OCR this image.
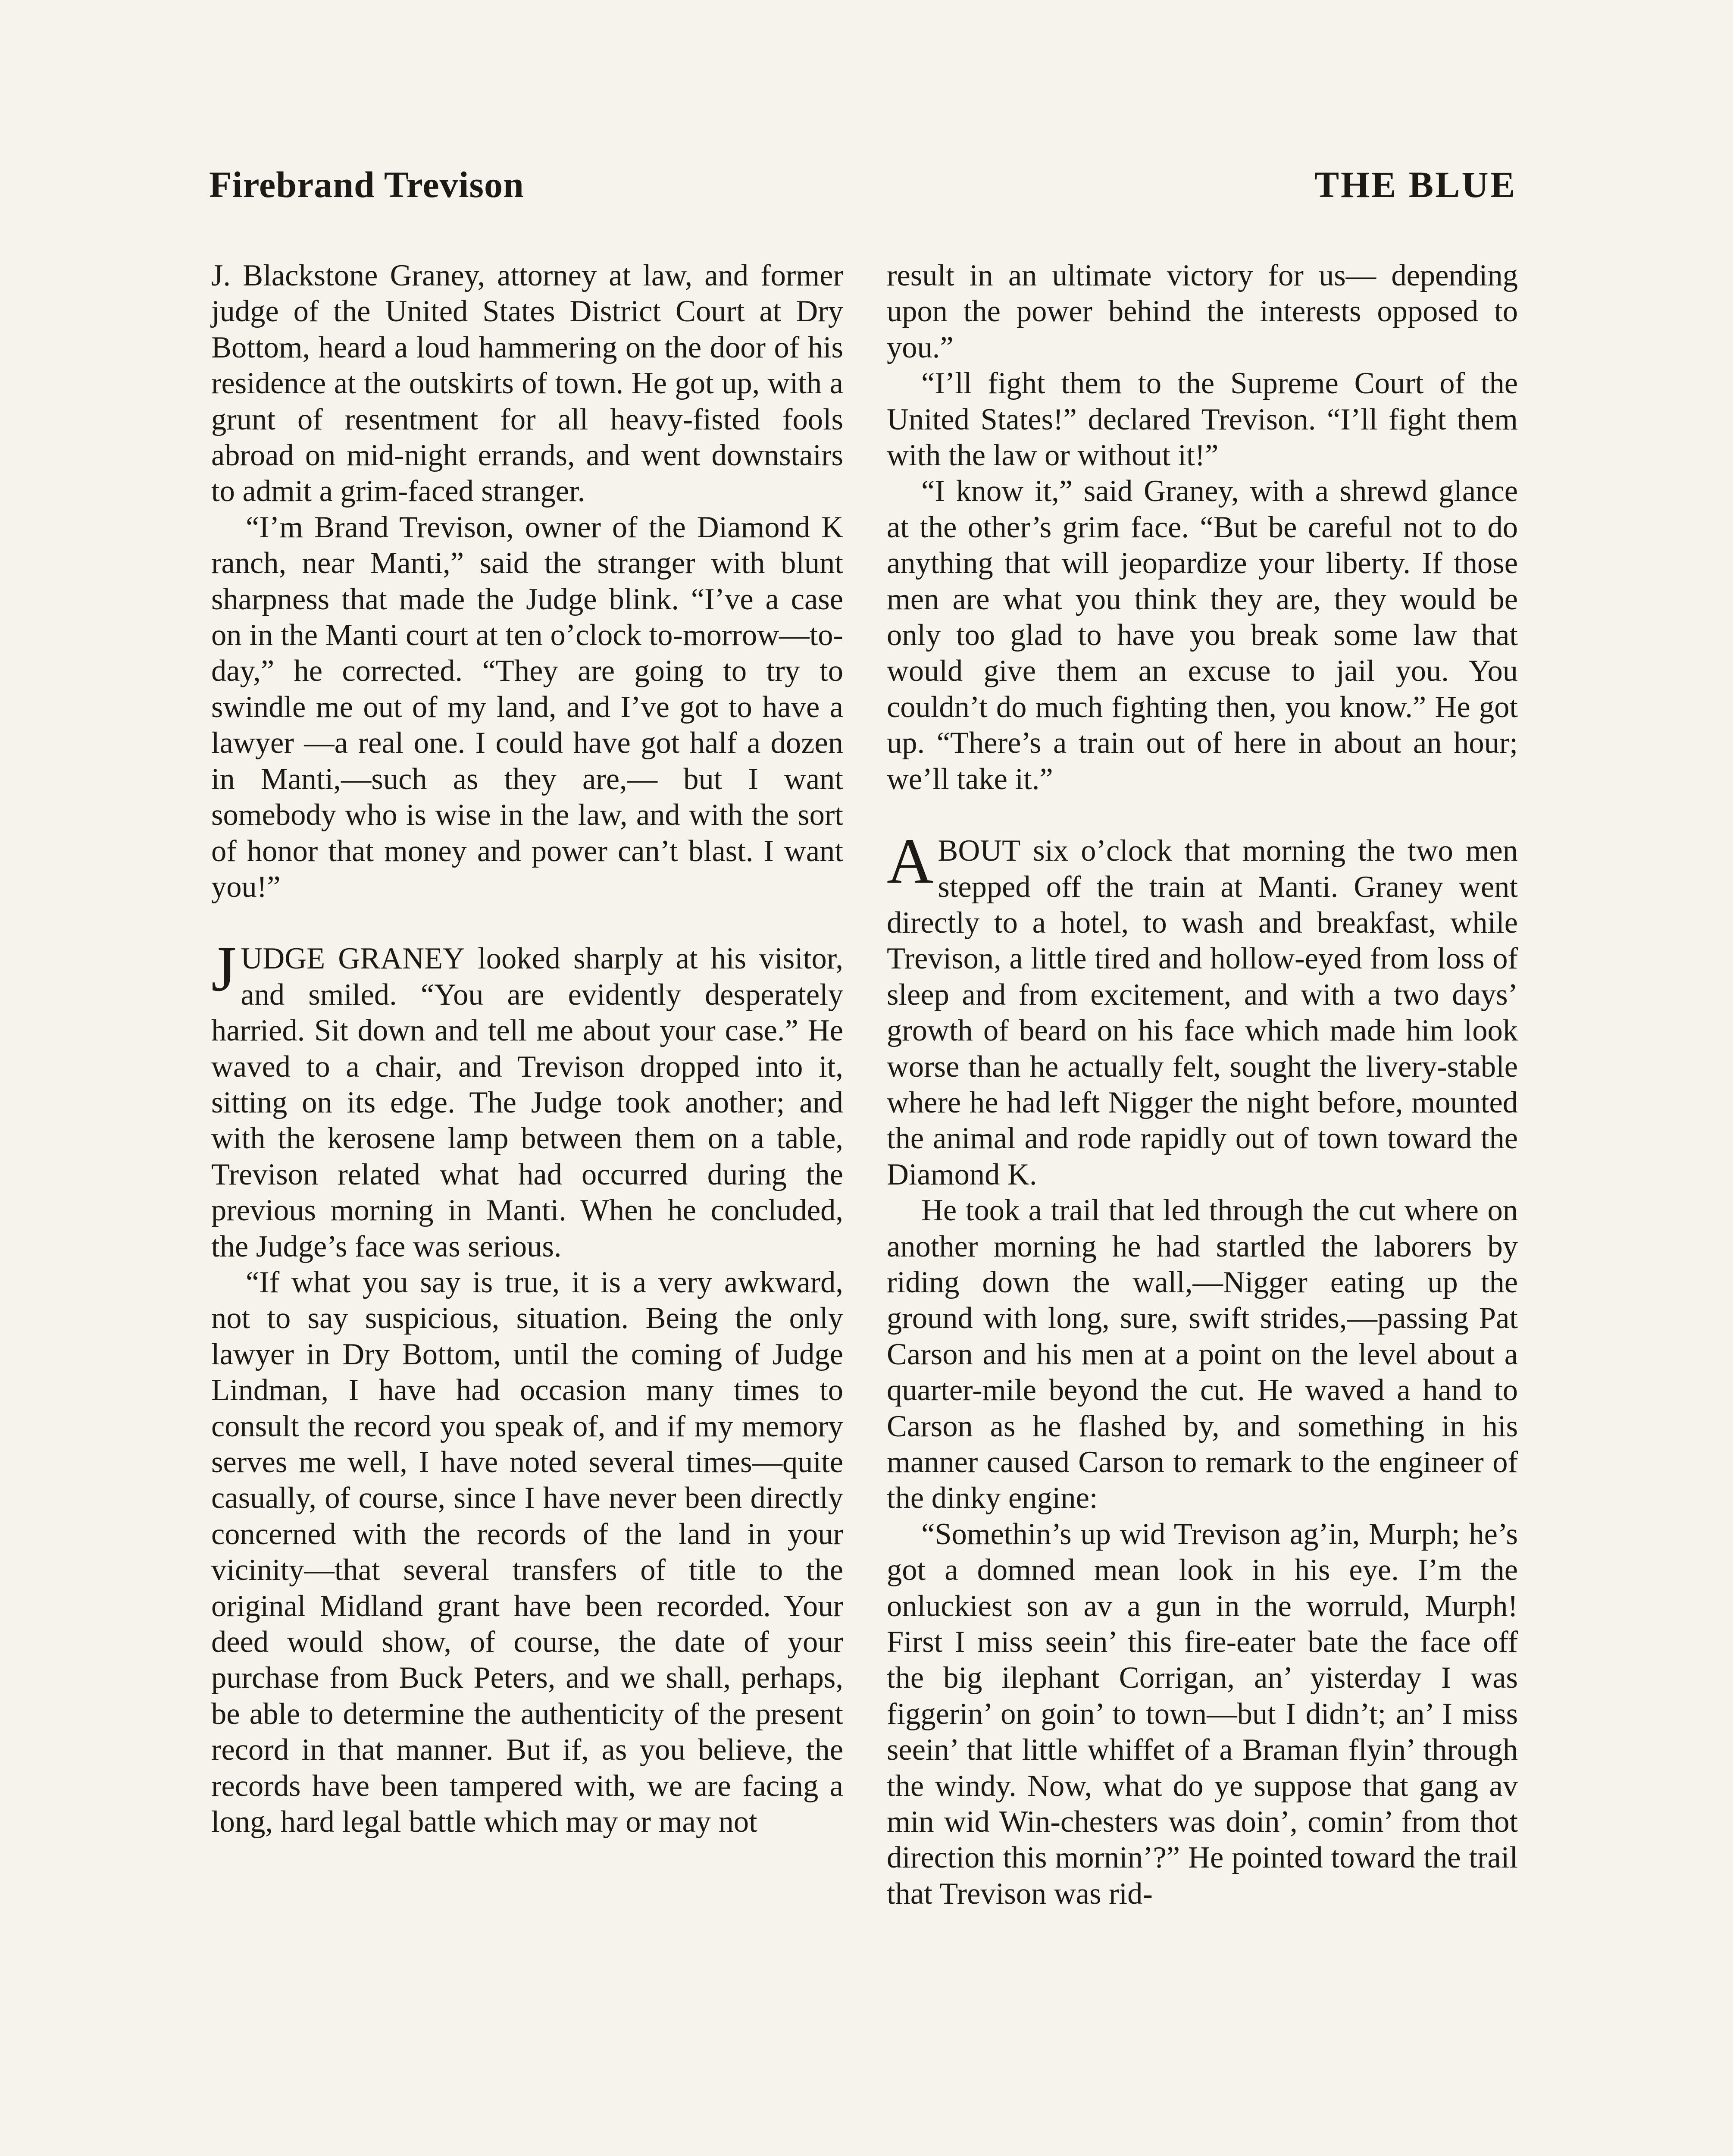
Firebrand Trevison	THE BLUE

J. Blackstone Graney, attorney at law, and former judge of the United States District Court at Dry Bottom, heard a loud hammering on the door of his residence at the outskirts of town. He got up, with a grunt of resentment for all heavy-fisted fools abroad on mid-night errands, and went downstairs to admit a grim-faced stranger.

“I’m Brand Trevison, owner of the Diamond K ranch, near Manti,” said the stranger with blunt sharpness that made the Judge blink. “I’ve a case on in the Manti court at ten o’clock to-morrow—to-day,” he corrected. “They are going to try to swindle me out of my land, and I’ve got to have a lawyer —a real one. I could have got half a dozen in Manti,—such as they are,— but I want somebody who is wise in the law, and with the sort of honor that money and power can’t blast. I want you!”

JUDGE GRANEY looked sharply at his visitor, and smiled. “You are evidently desperately harried. Sit down and tell me about your case.” He waved to a chair, and Trevison dropped into it, sitting on its edge. The Judge took another; and with the kerosene lamp between them on a table, Trevison related what had occurred during the previous morning in Manti. When he concluded, the Judge’s face was serious.

“If what you say is true, it is a very awkward, not to say suspicious, situation. Being the only lawyer in Dry Bottom, until the coming of Judge Lindman, I have had occasion many times to consult the record you speak of, and if my memory serves me well, I have noted several times—quite casually, of course, since I have never been directly concerned with the records of the land in your vicinity—that several transfers of title to the original Midland grant have been recorded. Your deed would show, of course, the date of your purchase from Buck Peters, and we shall, perhaps, be able to determine the authenticity of the present record in that manner. But if, as you believe, the records have been tampered with, we are facing a long, hard legal battle which may or may not

result in an ultimate victory for us— depending upon the power behind the interests opposed to you.”

“I’ll fight them to the Supreme Court of the United States!” declared Trevison. “I’ll fight them with the law or without it!”

“I know it,” said Graney, with a shrewd glance at the other’s grim face. “But be careful not to do anything that will jeopardize your liberty. If those men are what you think they are, they would be only too glad to have you break some law that would give them an excuse to jail you. You couldn’t do much fighting then, you know.” He got up. “There’s a train out of here in about an hour; we’ll take it.”

ABOUT six o’clock that morning the two men stepped off the train at Manti. Graney went directly to a hotel, to wash and breakfast, while Trevison, a little tired and hollow-eyed from loss of sleep and from excitement, and with a two days’ growth of beard on his face which made him look worse than he actually felt, sought the livery-stable where he had left Nigger the night before, mounted the animal and rode rapidly out of town toward the Diamond K.

He took a trail that led through the cut where on another morning he had startled the laborers by riding down the wall,—Nigger eating up the ground with long, sure, swift strides,—passing Pat Carson and his men at a point on the level about a quarter-mile beyond the cut. He waved a hand to Carson as he flashed by, and something in his manner caused Carson to remark to the engineer of the dinky engine:

“Somethin’s up wid Trevison ag’in, Murph; he’s got a domned mean look in his eye. I’m the onluckiest son av a gun in the worruld, Murph! First I miss seein’ this fire-eater bate the face off the big ilephant Corrigan, an’ yisterday I was figgerin’ on goin’ to town—but I didn’t; an’ I miss seein’ that little whiffet of a Braman flyin’ through the windy. Now, what do ye suppose that gang av min wid Win-chesters was doin’, comin’ from thot direction this mornin’?” He pointed toward the trail that Trevison was rid-
